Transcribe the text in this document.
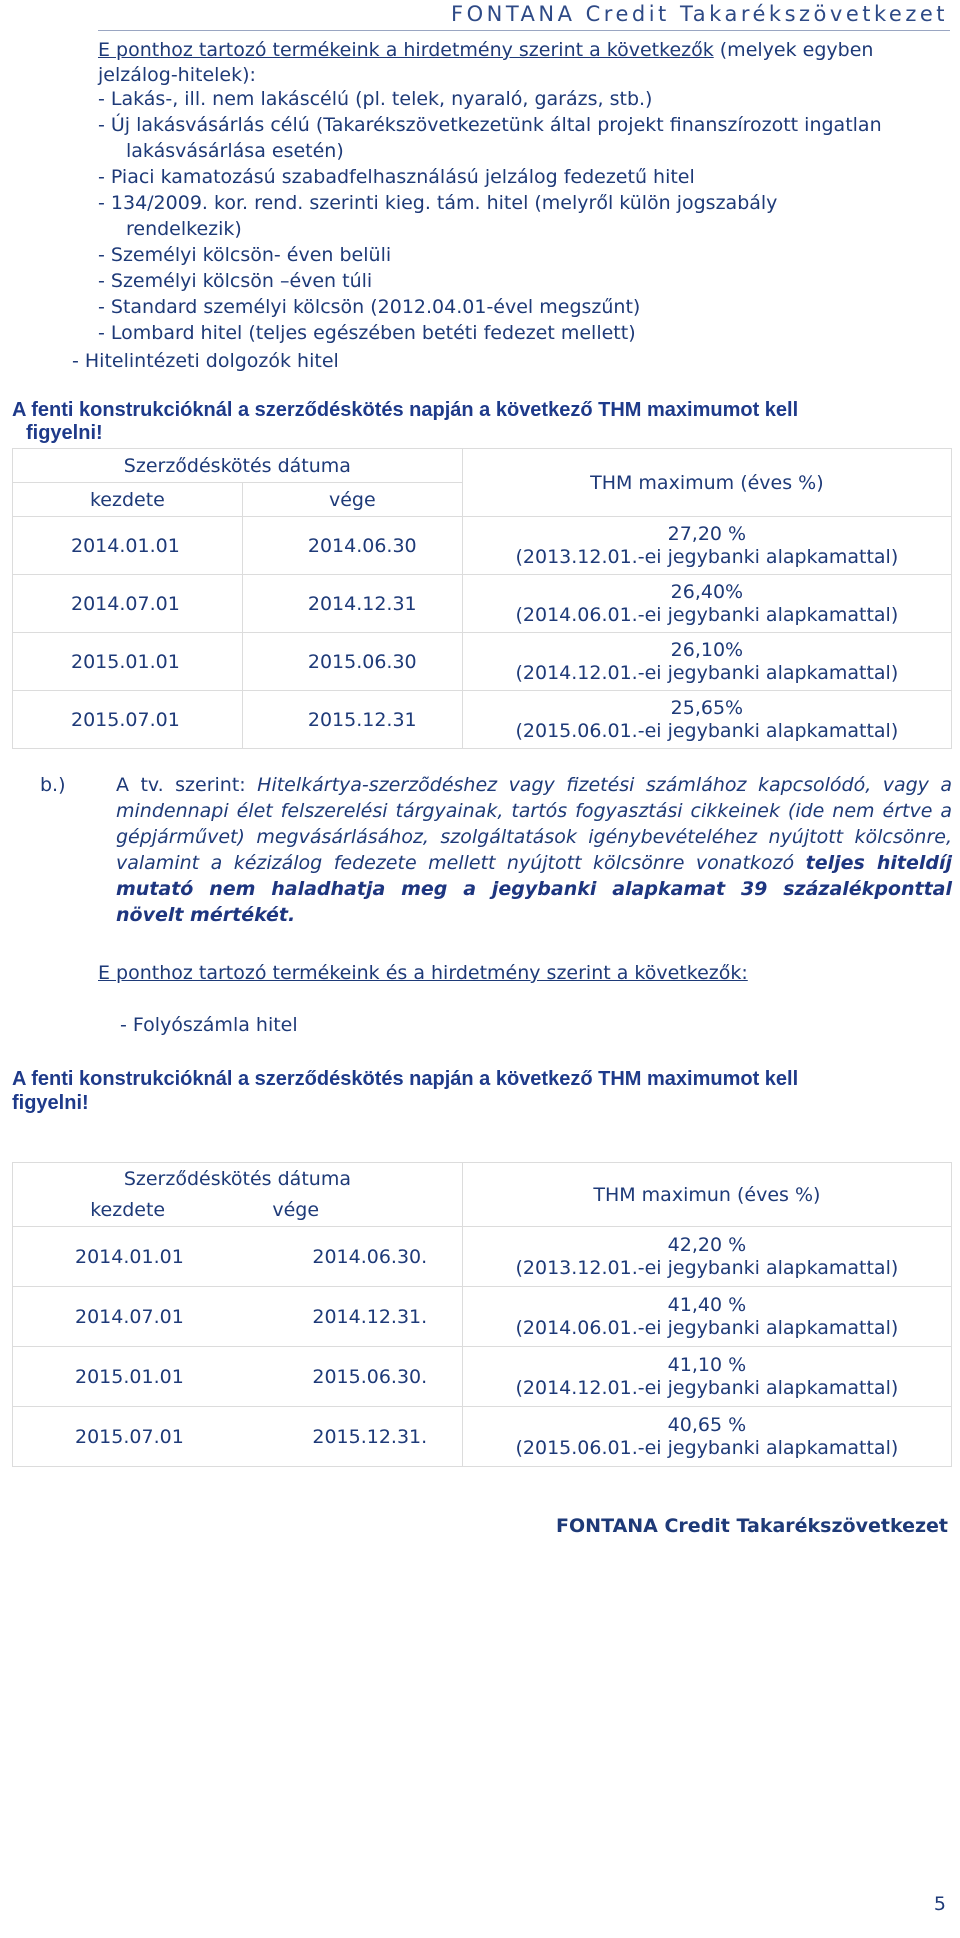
FONTANA Credit Takarékszövetkezet
E ponthoz tartozó termékeink a hirdetmény szerint a következők (melyek egyben jelzálog-hitelek):
- Lakás-, ill. nem lakáscélú (pl. telek, nyaraló, garázs, stb.)
- Új lakásvásárlás célú (Takarékszövetkezetünk által projekt finanszírozott ingatlan
lakásvásárlása esetén)
- Piaci kamatozású szabadfelhasználású jelzálog fedezetű hitel
- 134/2009. kor. rend. szerinti kieg. tám. hitel (melyről külön jogszabály
rendelkezik)
- Személyi kölcsön- éven belüli
- Személyi kölcsön –éven túli
- Standard személyi kölcsön (2012.04.01-ével megszűnt)
- Lombard hitel (teljes egészében betéti fedezet mellett)
- Hitelintézeti dolgozók hitel
A fenti konstrukcióknál a szerződéskötés napján a következő THM maximumot kell
figyelni!
Szerződéskötés dátuma		THM maximum (éves %)
kezdete	vége	
2014.01.01	2014.06.30	27,20 %
(2013.12.01.-ei jegybanki alapkamattal)

2014.07.01	2014.12.31	26,40%
(2014.06.01.-ei jegybanki alapkamattal)

2015.01.01	2015.06.30	26,10%
(2014.12.01.-ei jegybanki alapkamattal)

2015.07.01	2015.12.31	25,65%
(2015.06.01.-ei jegybanki alapkamattal)
b.)	A tv. szerint: Hitelkártya-szerzõdéshez vagy fizetési számlához kapcsolódó, vagy a mindennapi élet felszerelési tárgyainak, tartós fogyasztási cikkeinek (ide nem értve a gépjárművet) megvásárlásához, szolgáltatások igénybevételéhez nyújtott kölcsönre, valamint a kézizálog fedezete mellett nyújtott kölcsönre vonatkozó teljes hiteldíj mutató nem haladhatja meg a jegybanki alapkamat 39 százalékponttal növelt mértékét.
E ponthoz tartozó termékeink és a hirdetmény szerint a következők:
- Folyószámla hitel
A fenti konstrukcióknál a szerződéskötés napján a következő THM maximumot kell
figyelni!
Szerződéskötés dátuma		THM maximun (éves %)
kezdete	vége	
2014.01.01	2014.06.30.	42,20 %
(2013.12.01.-ei jegybanki alapkamattal)

2014.07.01	2014.12.31.	41,40 %
(2014.06.01.-ei jegybanki alapkamattal)

2015.01.01	2015.06.30.	41,10 %
(2014.12.01.-ei jegybanki alapkamattal)

2015.07.01	2015.12.31.	40,65 %
(2015.06.01.-ei jegybanki alapkamattal)
FONTANA Credit Takarékszövetkezet
5
